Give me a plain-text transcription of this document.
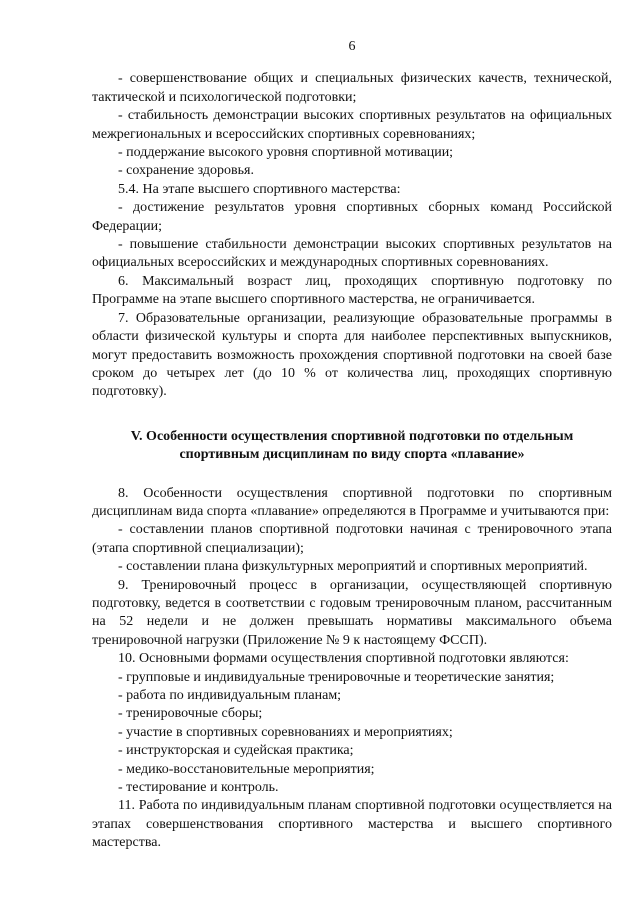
6

- совершенствование общих и специальных физических качеств, технической, тактической и психологической подготовки;

- стабильность демонстрации высоких спортивных результатов на официальных межрегиональных и всероссийских спортивных соревнованиях;

- поддержание высокого уровня спортивной мотивации;

- сохранение здоровья.

5.4. На этапе высшего спортивного мастерства:

- достижение результатов уровня спортивных сборных команд Российской Федерации;

- повышение стабильности демонстрации высоких спортивных результатов на официальных всероссийских и международных спортивных соревнованиях.

6. Максимальный возраст лиц, проходящих спортивную подготовку по Программе на этапе высшего спортивного мастерства, не ограничивается.

7. Образовательные организации, реализующие образовательные программы в области физической культуры и спорта для наиболее перспективных выпускников, могут предоставить возможность прохождения спортивной подготовки на своей базе сроком до четырех лет (до 10 % от количества лиц, проходящих спортивную подготовку).

V. Особенности осуществления спортивной подготовки по отдельным
спортивным дисциплинам по виду спорта «плавание»

8. Особенности осуществления спортивной подготовки по спортивным дисциплинам вида спорта «плавание» определяются в Программе и учитываются при:

- составлении планов спортивной подготовки начиная с тренировочного этапа (этапа спортивной специализации);

- составлении плана физкультурных мероприятий и спортивных мероприятий.

9. Тренировочный процесс в организации, осуществляющей спортивную подготовку, ведется в соответствии с годовым тренировочным планом, рассчитанным на 52 недели и не должен превышать нормативы максимального объема тренировочной нагрузки (Приложение № 9 к настоящему ФССП).

10. Основными формами осуществления спортивной подготовки являются:

- групповые и индивидуальные тренировочные и теоретические занятия;

- работа по индивидуальным планам;

- тренировочные сборы;

- участие в спортивных соревнованиях и мероприятиях;

- инструкторская и судейская практика;

- медико-восстановительные мероприятия;

- тестирование и контроль.

11. Работа по индивидуальным планам спортивной подготовки осуществляется на этапах совершенствования спортивного мастерства и высшего спортивного мастерства.
